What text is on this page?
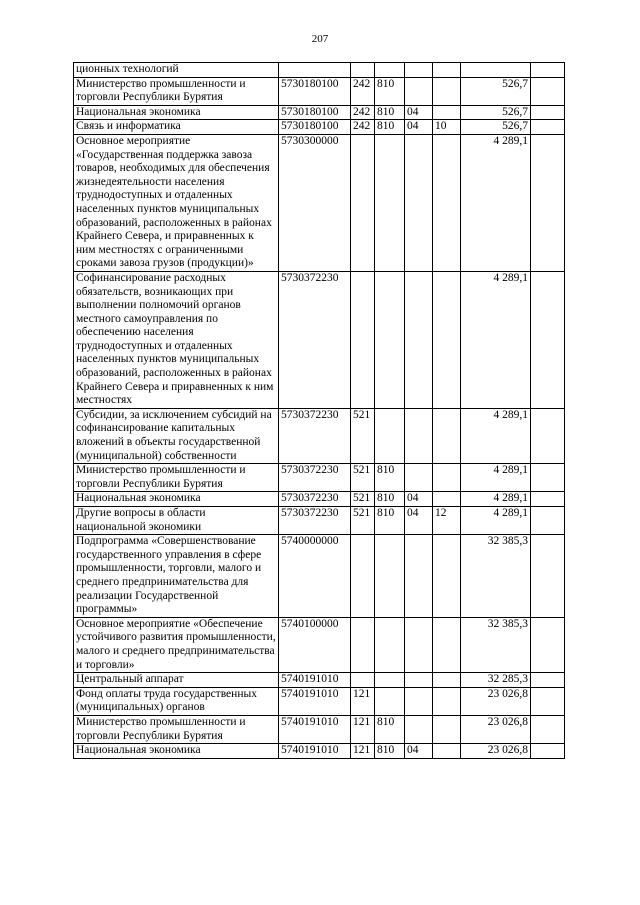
207
ционных технологий							
Министерство промышленности и торговли Республики Бурятия	5730180100	242	810			526,7	
Национальная экономика	5730180100	242	810	04		526,7	
Связь и информатика	5730180100	242	810	04	10	526,7	
Основное мероприятие «Государственная поддержка завоза товаров, необходимых для обеспечения жизнедеятельности населения труднодоступных и отдаленных населенных пунктов муниципальных образований, расположенных в районах Крайнего Севера, и приравненных к ним местностях с ограниченными сроками завоза грузов (продукции)»	5730300000					4 289,1	
Софинансирование расходных обязательств, возникающих при выполнении полномочий органов местного самоуправления по обеспечению населения труднодоступных и отдаленных населенных пунктов муниципальных образований, расположенных в районах Крайнего Севера и приравненных к ним местностях	5730372230					4 289,1	
Субсидии, за исключением субсидий на софинансирование капитальных вложений в объекты государственной (муниципальной) собственности	5730372230	521				4 289,1	
Министерство промышленности и торговли Республики Бурятия	5730372230	521	810			4 289,1	
Национальная экономика	5730372230	521	810	04		4 289,1	
Другие вопросы в области национальной экономики	5730372230	521	810	04	12	4 289,1	
Подпрограмма «Совершенствование государственного управления в сфере промышленности, торговли, малого и среднего предпринимательства для реализации Государственной программы»	5740000000					32 385,3	
Основное мероприятие «Обеспечение устойчивого развития промышленности, малого и среднего предпринимательства и торговли»	5740100000					32 385,3	
Центральный аппарат	5740191010					32 285,3	
Фонд оплаты труда государственных (муниципальных) органов	5740191010	121				23 026,8	
Министерство промышленности и торговли Республики Бурятия	5740191010	121	810			23 026,8	
Национальная экономика	5740191010	121	810	04		23 026,8	
